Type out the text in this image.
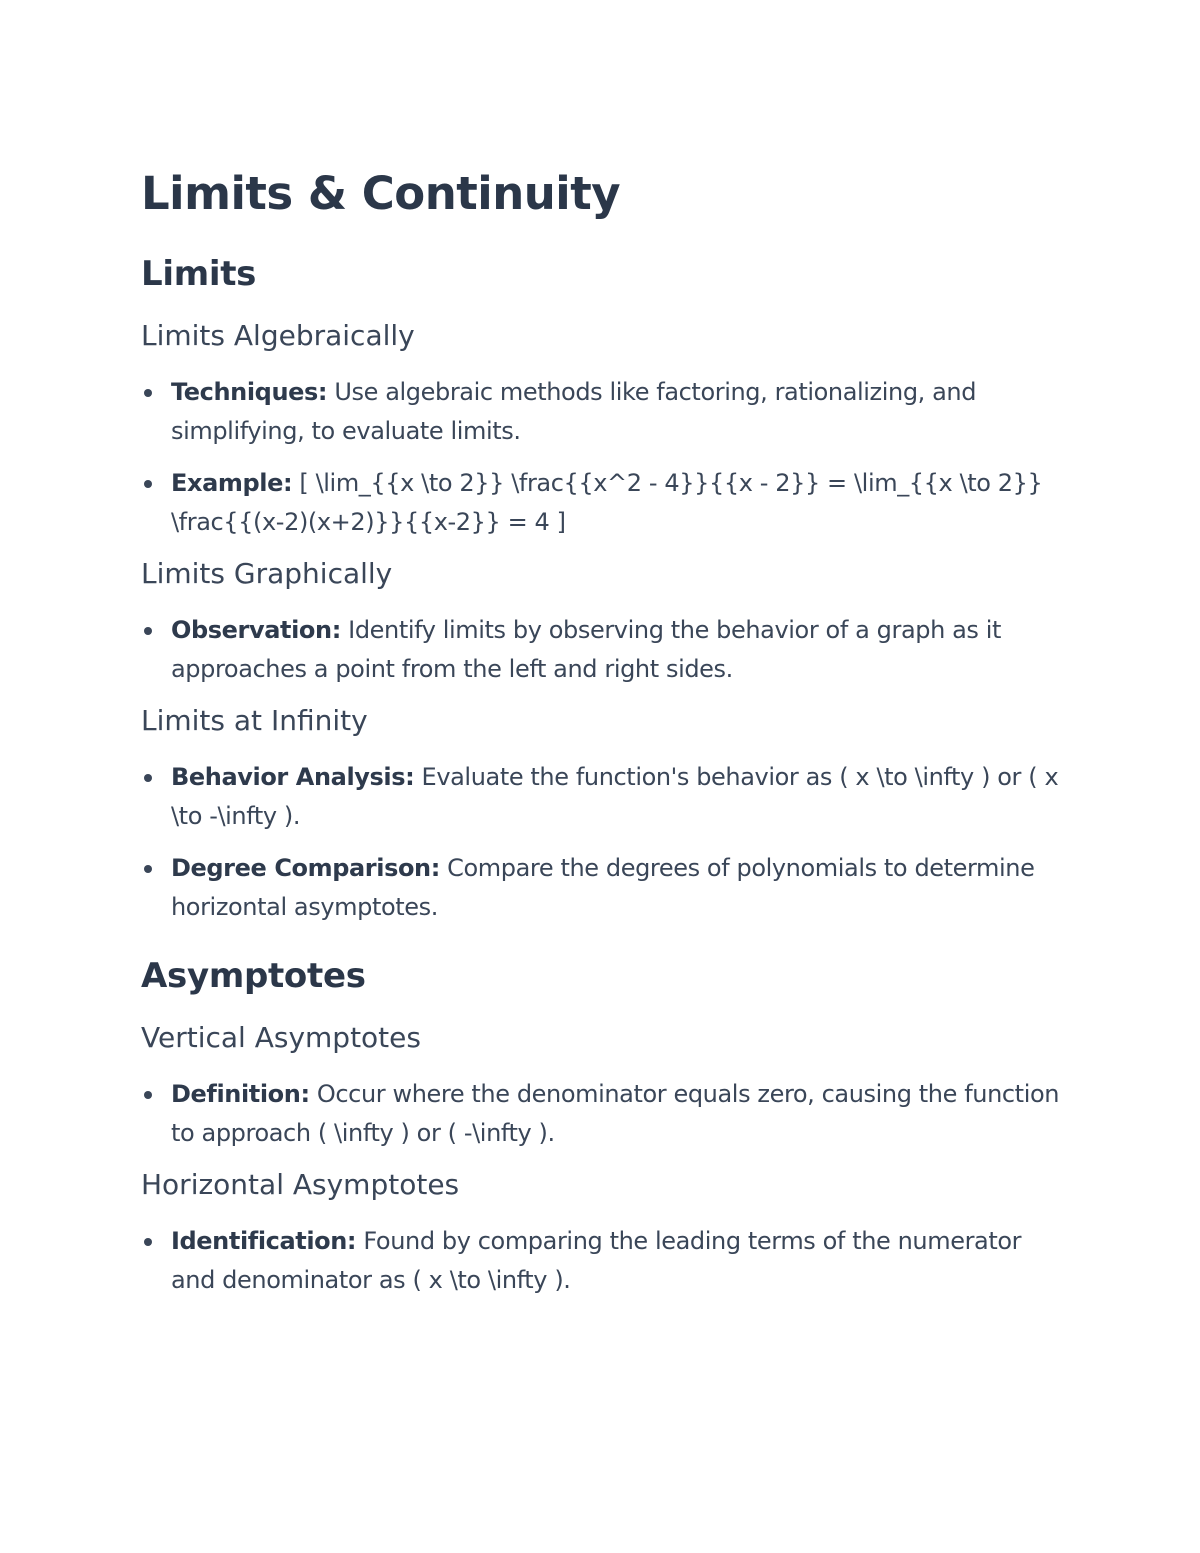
Limits & Continuity
Limits
Limits Algebraically
Techniques: Use algebraic methods like factoring, rationalizing, and simplifying, to evaluate limits.
Example: [ \lim_{{x \to 2}} \frac{{x^2 - 4}}{{x - 2}} = \lim_{{x \to 2}} \frac{{(x-2)(x+2)}}{{x-2}} = 4 ]
Limits Graphically
Observation: Identify limits by observing the behavior of a graph as it approaches a point from the left and right sides.
Limits at Infinity
Behavior Analysis: Evaluate the function's behavior as ( x \to \infty ) or ( x \to -\infty ).
Degree Comparison: Compare the degrees of polynomials to determine horizontal asymptotes.
Asymptotes
Vertical Asymptotes
Definition: Occur where the denominator equals zero, causing the function to approach ( \infty ) or ( -\infty ).
Horizontal Asymptotes
Identification: Found by comparing the leading terms of the numerator and denominator as ( x \to \infty ).
